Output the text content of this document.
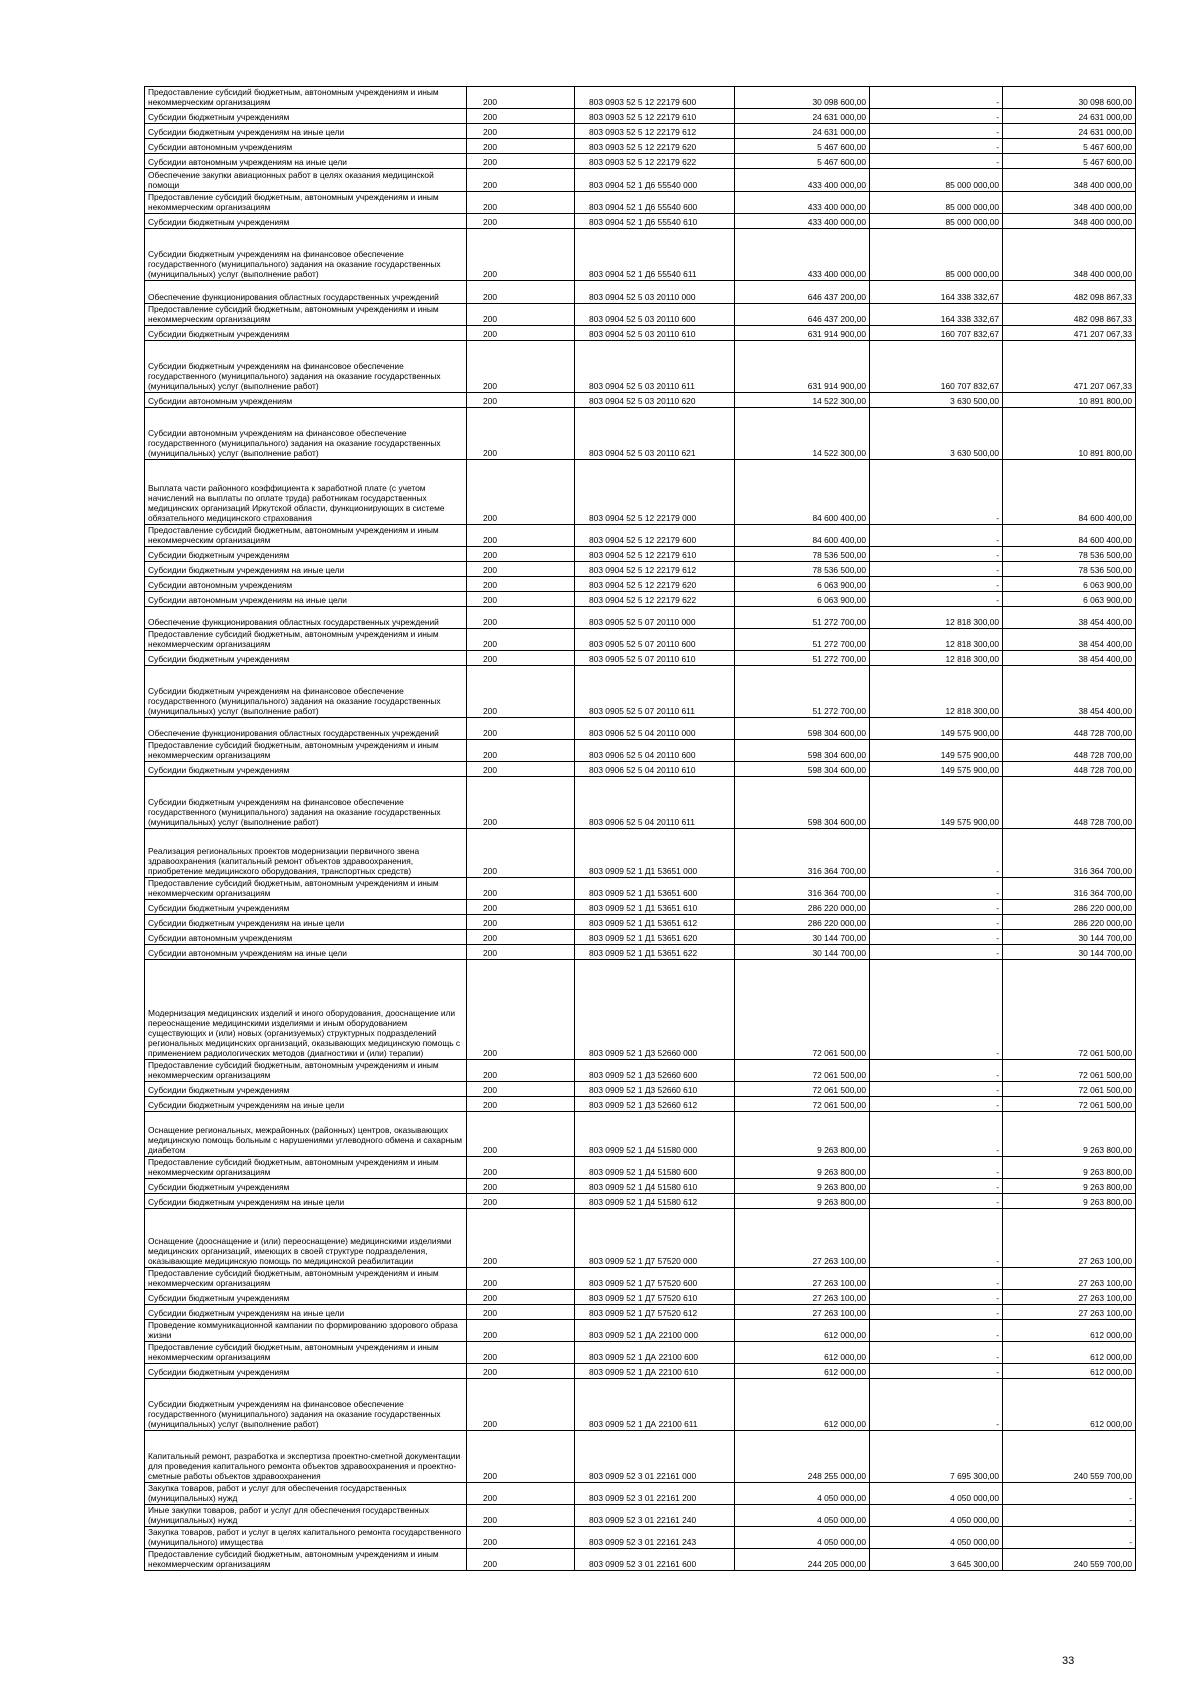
Предоставление субсидий бюджетным, автономным учреждениям и иным некоммерческим организациям	200	803 0903 52 5 12 22179 600	30 098 600,00	-	30 098 600,00
Субсидии бюджетным учреждениям	200	803 0903 52 5 12 22179 610	24 631 000,00	-	24 631 000,00
Субсидии бюджетным учреждениям на иные цели	200	803 0903 52 5 12 22179 612	24 631 000,00	-	24 631 000,00
Субсидии автономным учреждениям	200	803 0903 52 5 12 22179 620	5 467 600,00	-	5 467 600,00
Субсидии автономным учреждениям на иные цели	200	803 0903 52 5 12 22179 622	5 467 600,00	-	5 467 600,00
Обеспечение закупки авиационных работ в целях оказания медицинской помощи	200	803 0904 52 1 Д6 55540 000	433 400 000,00	85 000 000,00	348 400 000,00
Предоставление субсидий бюджетным, автономным учреждениям и иным некоммерческим организациям	200	803 0904 52 1 Д6 55540 600	433 400 000,00	85 000 000,00	348 400 000,00
Субсидии бюджетным учреждениям	200	803 0904 52 1 Д6 55540 610	433 400 000,00	85 000 000,00	348 400 000,00
Субсидии бюджетным учреждениям на финансовое обеспечение государственного (муниципального) задания на оказание государственных (муниципальных) услуг (выполнение работ)	200	803 0904 52 1 Д6 55540 611	433 400 000,00	85 000 000,00	348 400 000,00
Обеспечение функционирования областных государственных учреждений	200	803 0904 52 5 03 20110 000	646 437 200,00	164 338 332,67	482 098 867,33
Предоставление субсидий бюджетным, автономным учреждениям и иным некоммерческим организациям	200	803 0904 52 5 03 20110 600	646 437 200,00	164 338 332,67	482 098 867,33
Субсидии бюджетным учреждениям	200	803 0904 52 5 03 20110 610	631 914 900,00	160 707 832,67	471 207 067,33
Субсидии бюджетным учреждениям на финансовое обеспечение государственного (муниципального) задания на оказание государственных (муниципальных) услуг (выполнение работ)	200	803 0904 52 5 03 20110 611	631 914 900,00	160 707 832,67	471 207 067,33
Субсидии автономным учреждениям	200	803 0904 52 5 03 20110 620	14 522 300,00	3 630 500,00	10 891 800,00
Субсидии автономным учреждениям на финансовое обеспечение государственного (муниципального) задания на оказание государственных (муниципальных) услуг (выполнение работ)	200	803 0904 52 5 03 20110 621	14 522 300,00	3 630 500,00	10 891 800,00
Выплата части районного коэффициента к заработной плате (с учетом начислений на выплаты по оплате труда) работникам государственных медицинских организаций Иркутской области, функционирующих в системе обязательного медицинского страхования	200	803 0904 52 5 12 22179 000	84 600 400,00	-	84 600 400,00
Предоставление субсидий бюджетным, автономным учреждениям и иным некоммерческим организациям	200	803 0904 52 5 12 22179 600	84 600 400,00	-	84 600 400,00
Субсидии бюджетным учреждениям	200	803 0904 52 5 12 22179 610	78 536 500,00	-	78 536 500,00
Субсидии бюджетным учреждениям на иные цели	200	803 0904 52 5 12 22179 612	78 536 500,00	-	78 536 500,00
Субсидии автономным учреждениям	200	803 0904 52 5 12 22179 620	6 063 900,00	-	6 063 900,00
Субсидии автономным учреждениям на иные цели	200	803 0904 52 5 12 22179 622	6 063 900,00	-	6 063 900,00
Обеспечение функционирования областных государственных учреждений	200	803 0905 52 5 07 20110 000	51 272 700,00	12 818 300,00	38 454 400,00
Предоставление субсидий бюджетным, автономным учреждениям и иным некоммерческим организациям	200	803 0905 52 5 07 20110 600	51 272 700,00	12 818 300,00	38 454 400,00
Субсидии бюджетным учреждениям	200	803 0905 52 5 07 20110 610	51 272 700,00	12 818 300,00	38 454 400,00
Субсидии бюджетным учреждениям на финансовое обеспечение государственного (муниципального) задания на оказание государственных (муниципальных) услуг (выполнение работ)	200	803 0905 52 5 07 20110 611	51 272 700,00	12 818 300,00	38 454 400,00
Обеспечение функционирования областных государственных учреждений	200	803 0906 52 5 04 20110 000	598 304 600,00	149 575 900,00	448 728 700,00
Предоставление субсидий бюджетным, автономным учреждениям и иным некоммерческим организациям	200	803 0906 52 5 04 20110 600	598 304 600,00	149 575 900,00	448 728 700,00
Субсидии бюджетным учреждениям	200	803 0906 52 5 04 20110 610	598 304 600,00	149 575 900,00	448 728 700,00
Субсидии бюджетным учреждениям на финансовое обеспечение государственного (муниципального) задания на оказание государственных (муниципальных) услуг (выполнение работ)	200	803 0906 52 5 04 20110 611	598 304 600,00	149 575 900,00	448 728 700,00
Реализация региональных проектов модернизации первичного звена здравоохранения (капитальный ремонт объектов здравоохранения, приобретение медицинского оборудования, транспортных средств)	200	803 0909 52 1 Д1 53651 000	316 364 700,00	-	316 364 700,00
Предоставление субсидий бюджетным, автономным учреждениям и иным некоммерческим организациям	200	803 0909 52 1 Д1 53651 600	316 364 700,00	-	316 364 700,00
Субсидии бюджетным учреждениям	200	803 0909 52 1 Д1 53651 610	286 220 000,00	-	286 220 000,00
Субсидии бюджетным учреждениям на иные цели	200	803 0909 52 1 Д1 53651 612	286 220 000,00	-	286 220 000,00
Субсидии автономным учреждениям	200	803 0909 52 1 Д1 53651 620	30 144 700,00	-	30 144 700,00
Субсидии автономным учреждениям на иные цели	200	803 0909 52 1 Д1 53651 622	30 144 700,00	-	30 144 700,00
Модернизация медицинских изделий и иного оборудования, дооснащение или переоснащение медицинскими изделиями и иным оборудованием существующих и (или) новых (организуемых) структурных подразделений региональных медицинских организаций, оказывающих медицинскую помощь с применением радиологических методов (диагностики и (или) терапии)	200	803 0909 52 1 Д3 52660 000	72 061 500,00	-	72 061 500,00
Предоставление субсидий бюджетным, автономным учреждениям и иным некоммерческим организациям	200	803 0909 52 1 Д3 52660 600	72 061 500,00	-	72 061 500,00
Субсидии бюджетным учреждениям	200	803 0909 52 1 Д3 52660 610	72 061 500,00	-	72 061 500,00
Субсидии бюджетным учреждениям на иные цели	200	803 0909 52 1 Д3 52660 612	72 061 500,00	-	72 061 500,00
Оснащение региональных, межрайонных (районных) центров, оказывающих медицинскую помощь больным с нарушениями углеводного обмена и сахарным диабетом	200	803 0909 52 1 Д4 51580 000	9 263 800,00	-	9 263 800,00
Предоставление субсидий бюджетным, автономным учреждениям и иным некоммерческим организациям	200	803 0909 52 1 Д4 51580 600	9 263 800,00	-	9 263 800,00
Субсидии бюджетным учреждениям	200	803 0909 52 1 Д4 51580 610	9 263 800,00	-	9 263 800,00
Субсидии бюджетным учреждениям на иные цели	200	803 0909 52 1 Д4 51580 612	9 263 800,00	-	9 263 800,00
Оснащение (дооснащение и (или) переоснащение) медицинскими изделиями медицинских организаций, имеющих в своей структуре подразделения, оказывающие медицинскую помощь по медицинской реабилитации	200	803 0909 52 1 Д7 57520 000	27 263 100,00	-	27 263 100,00
Предоставление субсидий бюджетным, автономным учреждениям и иным некоммерческим организациям	200	803 0909 52 1 Д7 57520 600	27 263 100,00	-	27 263 100,00
Субсидии бюджетным учреждениям	200	803 0909 52 1 Д7 57520 610	27 263 100,00	-	27 263 100,00
Субсидии бюджетным учреждениям на иные цели	200	803 0909 52 1 Д7 57520 612	27 263 100,00	-	27 263 100,00
Проведение коммуникационной кампании по формированию здорового образа жизни	200	803 0909 52 1 ДА 22100 000	612 000,00	-	612 000,00
Предоставление субсидий бюджетным, автономным учреждениям и иным некоммерческим организациям	200	803 0909 52 1 ДА 22100 600	612 000,00	-	612 000,00
Субсидии бюджетным учреждениям	200	803 0909 52 1 ДА 22100 610	612 000,00	-	612 000,00
Субсидии бюджетным учреждениям на финансовое обеспечение государственного (муниципального) задания на оказание государственных (муниципальных) услуг (выполнение работ)	200	803 0909 52 1 ДА 22100 611	612 000,00	-	612 000,00
Капитальный ремонт, разработка и экспертиза проектно-сметной документации для проведения капитального ремонта объектов здравоохранения и проектно-сметные работы объектов здравоохранения	200	803 0909 52 3 01 22161 000	248 255 000,00	7 695 300,00	240 559 700,00
Закупка товаров, работ и услуг для обеспечения государственных (муниципальных) нужд	200	803 0909 52 3 01 22161 200	4 050 000,00	4 050 000,00	-
Иные закупки товаров, работ и услуг для обеспечения государственных (муниципальных) нужд	200	803 0909 52 3 01 22161 240	4 050 000,00	4 050 000,00	-
Закупка товаров, работ и услуг в целях капитального ремонта государственного (муниципального) имущества	200	803 0909 52 3 01 22161 243	4 050 000,00	4 050 000,00	-
Предоставление субсидий бюджетным, автономным учреждениям и иным некоммерческим организациям	200	803 0909 52 3 01 22161 600	244 205 000,00	3 645 300,00	240 559 700,00
33
